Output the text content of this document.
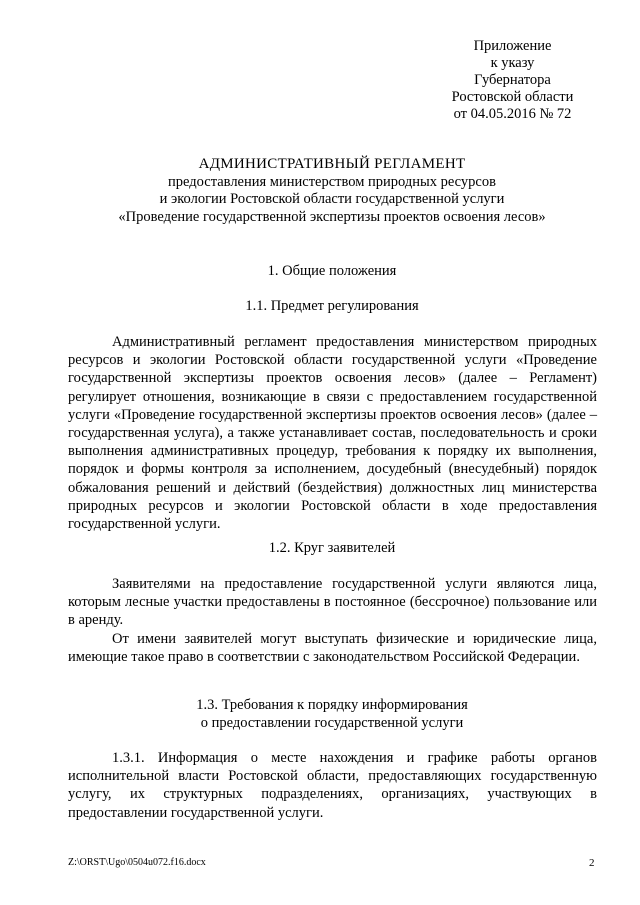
Приложение
к указу
Губернатора
Ростовской области
от 04.05.2016 № 72
АДМИНИСТРАТИВНЫЙ РЕГЛАМЕНТ
предоставления министерством природных ресурсов
и экологии Ростовской области государственной услуги
«Проведение государственной экспертизы проектов освоения лесов»
1. Общие положения
1.1. Предмет регулирования

Административный регламент предоставления министерством природных ресурсов и экологии Ростовской области государственной услуги «Проведение государственной экспертизы проектов освоения лесов» (далее – Регламент) регулирует отношения, возникающие в связи с предоставлением государственной услуги «Проведение государственной экспертизы проектов освоения лесов» (далее – государственная услуга), а также устанавливает состав, последовательность и сроки выполнения административных процедур, требования к порядку их выполнения, порядок и формы контроля за исполнением, досудебный (внесудебный) порядок обжалования решений и действий (бездействия) должностных лиц министерства природных ресурсов и экологии Ростовской области в ходе предоставления государственной услуги.

1.2. Круг заявителей

Заявителями на предоставление государственной услуги являются лица, которым лесные участки предоставлены в постоянное (бессрочное) пользование или в аренду.

От имени заявителей могут выступать физические и юридические лица, имеющие такое право в соответствии с законодательством Российской Федерации.

1.3. Требования к порядку информирования
о предоставлении государственной услуги

1.3.1. Информация о месте нахождения и графике работы органов исполнительной власти Ростовской области, предоставляющих государственную услугу, их структурных подразделениях, организациях, участвующих в предоставлении государственной услуги.

Z:\ORST\Ugo\0504u072.f16.docx	2
